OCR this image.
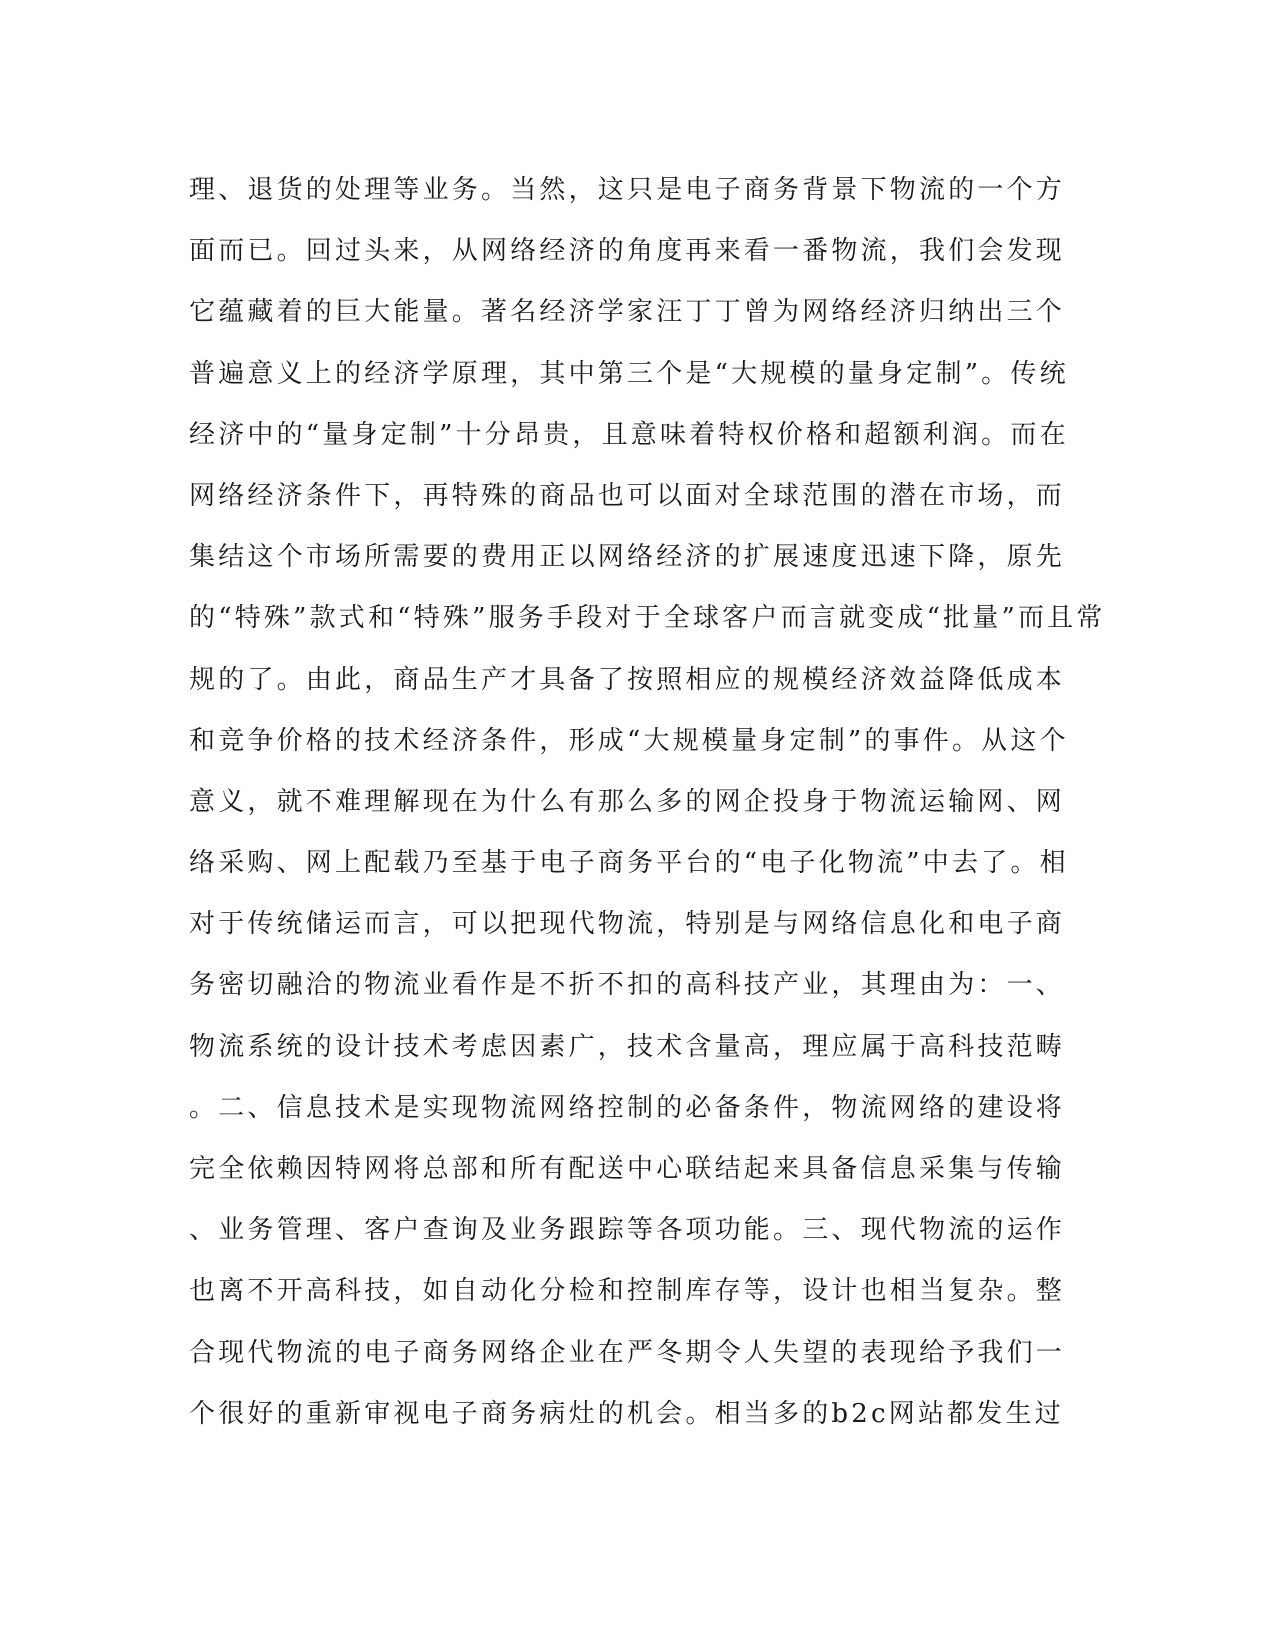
理、退货的处理等业务。当然，这只是电子商务背景下物流的一个方
面而已。回过头来，从网络经济的角度再来看一番物流，我们会发现
它蕴藏着的巨大能量。著名经济学家汪丁丁曾为网络经济归纳出三个
普遍意义上的经济学原理，其中第三个是“大规模的量身定制”。传统
经济中的“量身定制”十分昂贵，且意味着特权价格和超额利润。而在
网络经济条件下，再特殊的商品也可以面对全球范围的潜在市场，而
集结这个市场所需要的费用正以网络经济的扩展速度迅速下降，原先
的“特殊”款式和“特殊”服务手段对于全球客户而言就变成“批量”而且常
规的了。由此，商品生产才具备了按照相应的规模经济效益降低成本
和竞争价格的技术经济条件，形成“大规模量身定制”的事件。从这个
意义，就不难理解现在为什么有那么多的网企投身于物流运输网、网
络采购、网上配载乃至基于电子商务平台的“电子化物流”中去了。相
对于传统储运而言，可以把现代物流，特别是与网络信息化和电子商
务密切融洽的物流业看作是不折不扣的高科技产业，其理由为：一、
物流系统的设计技术考虑因素广，技术含量高，理应属于高科技范畴
。二、信息技术是实现物流网络控制的必备条件，物流网络的建设将
完全依赖因特网将总部和所有配送中心联结起来具备信息采集与传输
、业务管理、客户查询及业务跟踪等各项功能。三、现代物流的运作
也离不开高科技，如自动化分检和控制库存等，设计也相当复杂。整
合现代物流的电子商务网络企业在严冬期令人失望的表现给予我们一
个很好的重新审视电子商务病灶的机会。相当多的b2c网站都发生过
